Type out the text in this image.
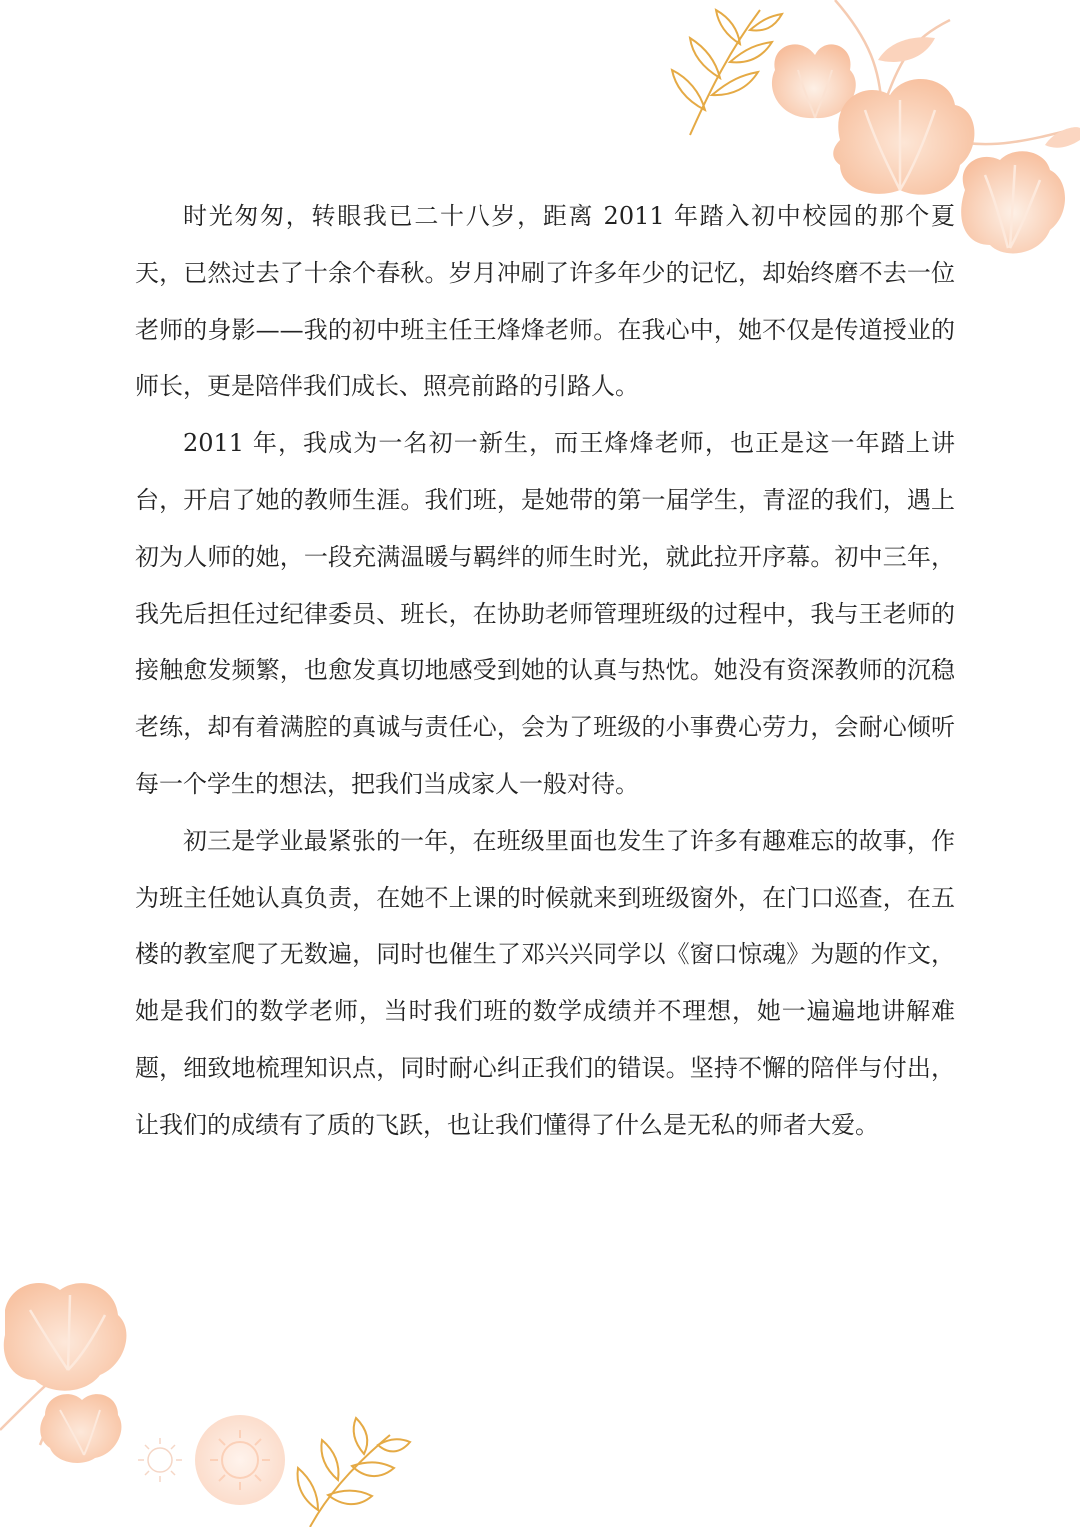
时光匆匆，转眼我已二十八岁，距离 2011 年踏入初中校园的那个夏天，已然过去了十余个春秋。岁月冲刷了许多年少的记忆，却始终磨不去一位老师的身影——我的初中班主任王烽烽老师。在我心中，她不仅是传道授业的师长，更是陪伴我们成长、照亮前路的引路人。

2011 年，我成为一名初一新生，而王烽烽老师，也正是这一年踏上讲台，开启了她的教师生涯。我们班，是她带的第一届学生，青涩的我们，遇上初为人师的她，一段充满温暖与羁绊的师生时光，就此拉开序幕。初中三年，我先后担任过纪律委员、班长，在协助老师管理班级的过程中，我与王老师的接触愈发频繁，也愈发真切地感受到她的认真与热忱。她没有资深教师的沉稳老练，却有着满腔的真诚与责任心，会为了班级的小事费心劳力，会耐心倾听每一个学生的想法，把我们当成家人一般对待。

初三是学业最紧张的一年，在班级里面也发生了许多有趣难忘的故事，作为班主任她认真负责，在她不上课的时候就来到班级窗外，在门口巡查，在五楼的教室爬了无数遍，同时也催生了邓兴兴同学以《窗口惊魂》为题的作文，她是我们的数学老师，当时我们班的数学成绩并不理想，她一遍遍地讲解难题，细致地梳理知识点，同时耐心纠正我们的错误。坚持不懈的陪伴与付出，让我们的成绩有了质的飞跃，也让我们懂得了什么是无私的师者大爱。
